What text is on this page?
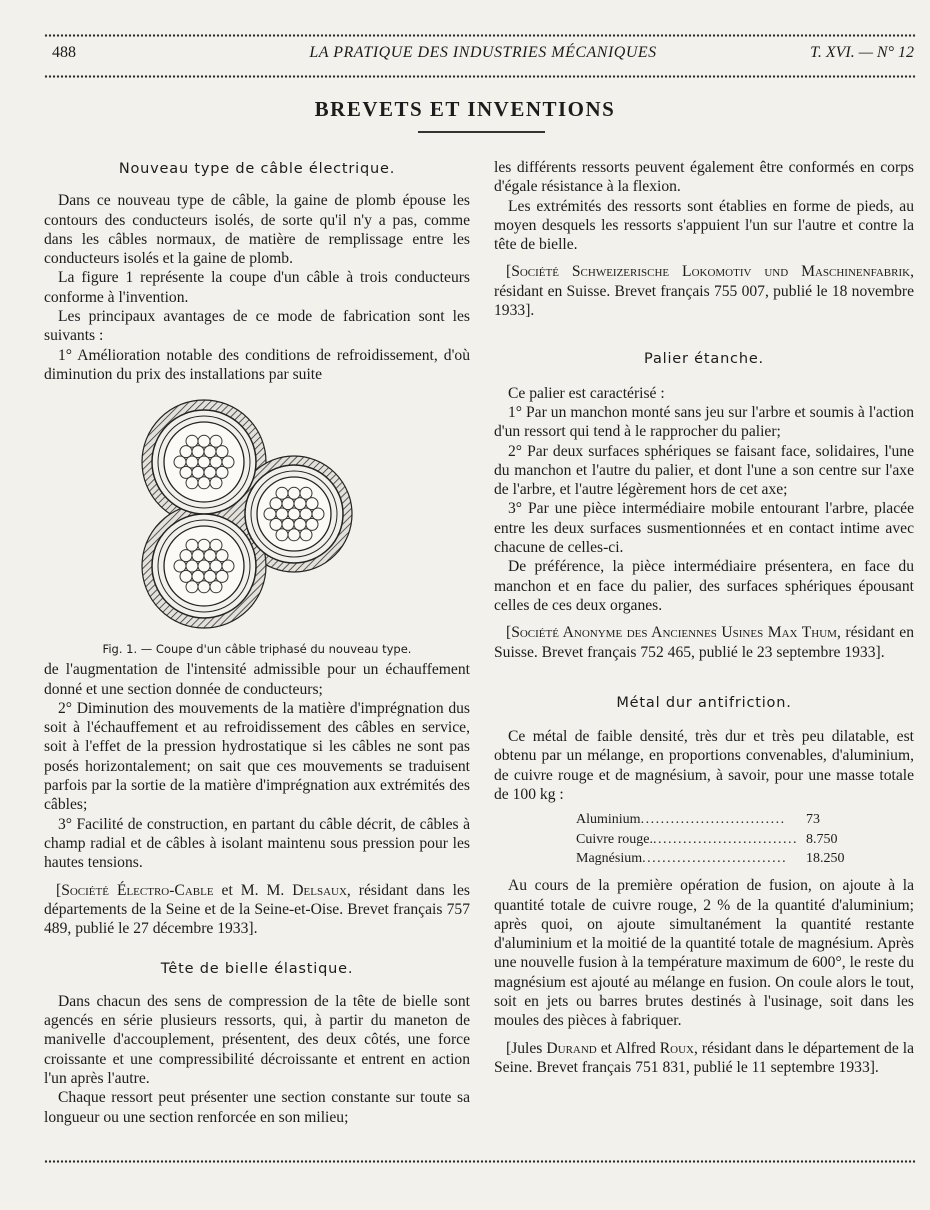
488	LA PRATIQUE DES INDUSTRIES MÉCANIQUES	T. XVI. — N° 12
BREVETS ET INVENTIONS
Nouveau type de câble électrique.

Dans ce nouveau type de câble, la gaine de plomb épouse les contours des conducteurs isolés, de sorte qu'il n'y a pas, comme dans les câbles normaux, de matière de remplissage entre les conducteurs isolés et la gaine de plomb.

La figure 1 représente la coupe d'un câble à trois conducteurs conforme à l'invention.

Les principaux avantages de ce mode de fabrication sont les suivants :

1° Amélioration notable des conditions de refroidissement, d'où diminution du prix des installations par suite

Fig. 1. — Coupe d'un câble triphasé du nouveau type.

de l'augmentation de l'intensité admissible pour un échauffement donné et une section donnée de conducteurs;

2° Diminution des mouvements de la matière d'imprégnation dus soit à l'échauffement et au refroidissement des câbles en service, soit à l'effet de la pression hydrostatique si les câbles ne sont pas posés horizontalement; on sait que ces mouvements se traduisent parfois par la sortie de la matière d'imprégnation aux extrémités des câbles;

3° Facilité de construction, en partant du câble décrit, de câbles à champ radial et de câbles à isolant maintenu sous pression pour les hautes tensions.

[Société Électro-Cable et M. M. Delsaux, résidant dans les départements de la Seine et de la Seine-et-Oise. Brevet français 757 489, publié le 27 décembre 1933].

Tête de bielle élastique.

Dans chacun des sens de compression de la tête de bielle sont agencés en série plusieurs ressorts, qui, à partir du maneton de manivelle d'accouplement, présentent, des deux côtés, une force croissante et une compressibilité décroissante et entrent en action l'un après l'autre.

Chaque ressort peut présenter une section constante sur toute sa longueur ou une section renforcée en son milieu;

les différents ressorts peuvent également être conformés en corps d'égale résistance à la flexion.

Les extrémités des ressorts sont établies en forme de pieds, au moyen desquels les ressorts s'appuient l'un sur l'autre et contre la tête de bielle.

[Société Schweizerische Lokomotiv und Maschinenfabrik, résidant en Suisse. Brevet français 755 007, publié le 18 novembre 1933].

Palier étanche.

Ce palier est caractérisé :

1° Par un manchon monté sans jeu sur l'arbre et soumis à l'action d'un ressort qui tend à le rapprocher du palier;

2° Par deux surfaces sphériques se faisant face, solidaires, l'une du manchon et l'autre du palier, et dont l'une a son centre sur l'axe de l'arbre, et l'autre légèrement hors de cet axe;

3° Par une pièce intermédiaire mobile entourant l'arbre, placée entre les deux surfaces susmentionnées et en contact intime avec chacune de celles-ci.

De préférence, la pièce intermédiaire présentera, en face du manchon et en face du palier, des surfaces sphériques épousant celles de ces deux organes.

[Société Anonyme des Anciennes Usines Max Thum, résidant en Suisse. Brevet français 752 465, publié le 23 septembre 1933].

Métal dur antifriction.

Ce métal de faible densité, très dur et très peu dilatable, est obtenu par un mélange, en proportions convenables, d'aluminium, de cuivre rouge et de magnésium, à savoir, pour une masse totale de 100 kg :

Aluminium. . .	73
Cuivre rouge.. . .	8.750
Magnésium. . .	18.250

Au cours de la première opération de fusion, on ajoute à la quantité totale de cuivre rouge, 2 % de la quantité d'aluminium; après quoi, on ajoute simultanément la quantité restante d'aluminium et la moitié de la quantité totale de magnésium. Après une nouvelle fusion à la température maximum de 600°, le reste du magnésium est ajouté au mélange en fusion. On coule alors le tout, soit en jets ou barres brutes destinés à l'usinage, soit dans les moules des pièces à fabriquer.

[Jules Durand et Alfred Roux, résidant dans le département de la Seine. Brevet français 751 831, publié le 11 septembre 1933].
